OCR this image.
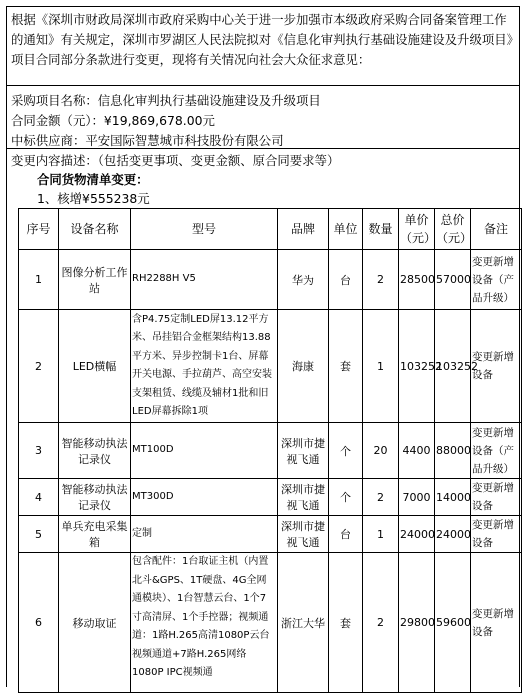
根据《深圳市财政局深圳市政府采购中心关于进一步加强市本级政府采购合同备案管理工作的通知》有关规定，深圳市罗湖区人民法院拟对《信息化审判执行基础设施建设及升级项目》项目合同部分条款进行变更，现将有关情况向社会大众征求意见：
采购项目名称：信息化审判执行基础设施建设及升级项目
合同金额（元）：¥19,869,678.00元
中标供应商：平安国际智慧城市科技股份有限公司
变更内容描述：（包括变更事项、变更金额、原合同要求等）
合同货物清单变更：
1、核增¥555238元
序号	设备名称	型号	品牌	单位	数量	单价（元）	总价（元）	备注
1	图像分析工作站	RH2288H V5	华为	台	2	28500	57000	变更新增设备（产品升级）
2	LED横幅	含P4.75定制LED屏13.12平方米、吊挂铝合金框架结构13.88平方米、异步控制卡1台、屏幕开关电源、手拉葫芦、高空安装支架租赁、线缆及辅材1批和旧LED屏幕拆除1项	海康	套	1	103252	103252	变更新增设备
3	智能移动执法记录仪	MT100D	深圳市捷视飞通	个	20	4400	88000	变更新增设备（产品升级）
4	智能移动执法记录仪	MT300D	深圳市捷视飞通	个	2	7000	14000	变更新增设备
5	单兵充电采集箱	定制	深圳市捷视飞通	台	1	24000	24000	变更新增设备
6	移动取证	包含配件：1台取证主机（内置北斗&GPS、1T硬盘、4G全网通模块）、1台智慧云台、1个7寸高清屏、1个手控器；视频通道：1路H.265高清1080P云台视频通道+7路H.265网络1080P IPC视频通	浙江大华	套	2	29800	59600	变更新增设备
